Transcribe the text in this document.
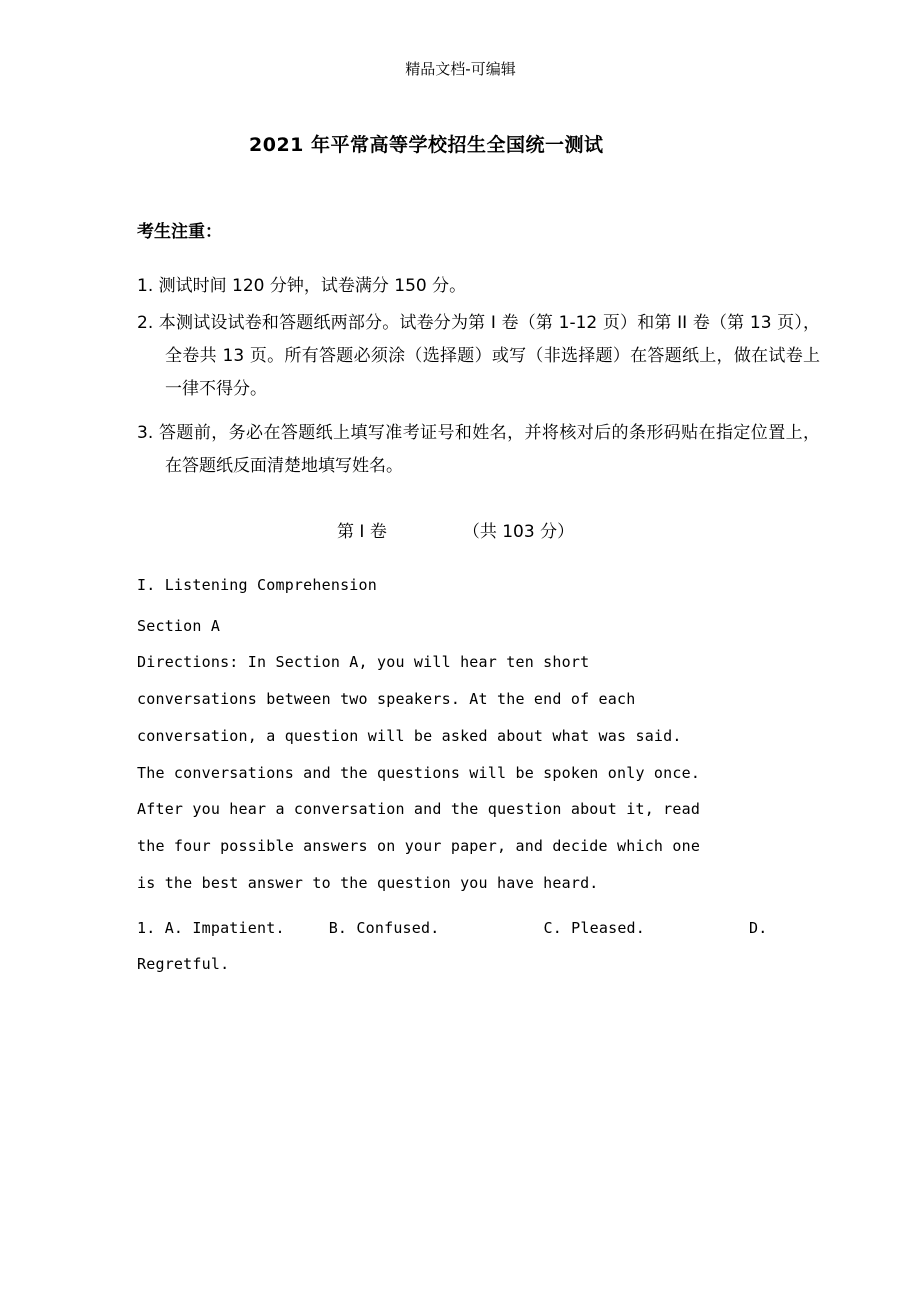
精品文档-可编辑
2021 年平常高等学校招生全国统一测试
考生注重：

1. 测试时间 120 分钟，试卷满分 150 分。

2. 本测试设试卷和答题纸两部分。试卷分为第 I 卷（第 1-12 页）和第 II 卷（第 13 页），全卷共 13 页。所有答题必须涂（选择题）或写（非选择题）在答题纸上，做在试卷上一律不得分。

3. 答题前，务必在答题纸上填写准考证号和姓名，并将核对后的条形码贴在指定位置上，在答题纸反面清楚地填写姓名。

第 I 卷	（共 103 分）

I. Listening Comprehension

Section A

Directions: In Section A, you will hear ten short

conversations between two speakers. At the end of each

conversation, a question will be asked about what was said.

The conversations and the questions will be spoken only once.

After you hear a conversation and the question about it, read

the four possible answers on your paper, and decide which one

is the best answer to the question you have heard.

1. A. Impatient.	B. Confused.	C. Pleased.	D.

Regretful.
